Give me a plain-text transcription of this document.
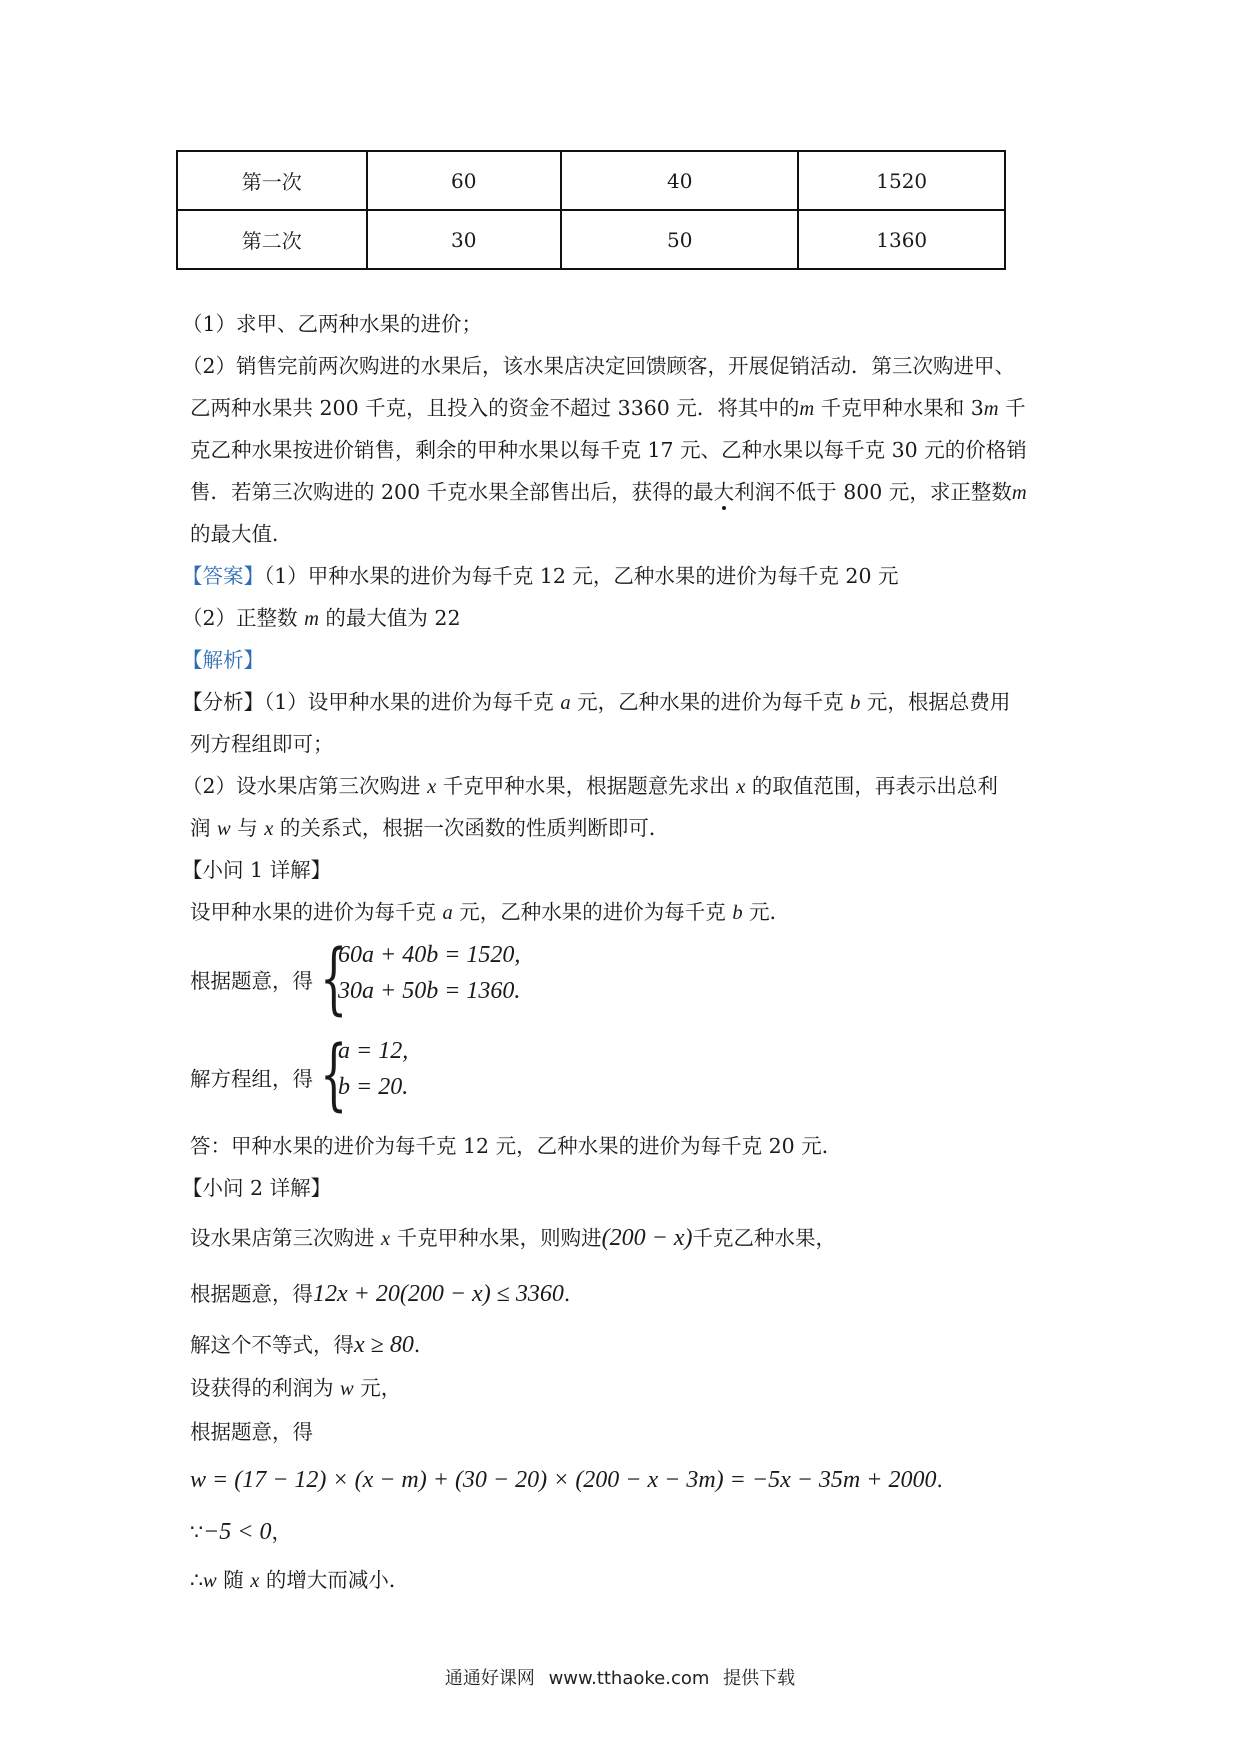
第一次	60	40	1520
第二次	30	50	1360
（1）求甲、乙两种水果的进价；
（2）销售完前两次购进的水果后，该水果店决定回馈顾客，开展促销活动．第三次购进甲、
乙两种水果共 200 千克，且投入的资金不超过 3360 元．将其中的m 千克甲种水果和 3m 千
克乙种水果按进价销售，剩余的甲种水果以每千克 17 元、乙种水果以每千克 30 元的价格销
售．若第三次购进的 200 千克水果全部售出后，获得的最大利润不低于 800 元，求正整数m
的最大值．
【答案】（1）甲种水果的进价为每千克 12 元，乙种水果的进价为每千克 20 元
（2）正整数 m 的最大值为 22
【解析】
【分析】（1）设甲种水果的进价为每千克 a 元，乙种水果的进价为每千克 b 元，根据总费用
列方程组即可；
（2）设水果店第三次购进 x 千克甲种水果，根据题意先求出 x 的取值范围，再表示出总利
润 w 与 x 的关系式，根据一次函数的性质判断即可．
【小问 1 详解】
设甲种水果的进价为每千克 a 元，乙种水果的进价为每千克 b 元．
根据题意，得 {
60a + 40b = 1520,
30a + 50b = 1360.
解方程组，得 {
a = 12,
b = 20.
答：甲种水果的进价为每千克 12 元，乙种水果的进价为每千克 20 元．
【小问 2 详解】
设水果店第三次购进 x 千克甲种水果，则购进(200 − x)千克乙种水果，
根据题意，得12x + 20(200 − x) ≤ 3360．
解这个不等式，得x ≥ 80．
设获得的利润为 w 元，
根据题意，得
w = (17 − 12) × (x − m) + (30 − 20) × (200 − x − 3m) = −5x − 35m + 2000．
∵−5 < 0，
∴w 随 x 的增大而减小．
通通好课网 www.tthaoke.com 提供下载
